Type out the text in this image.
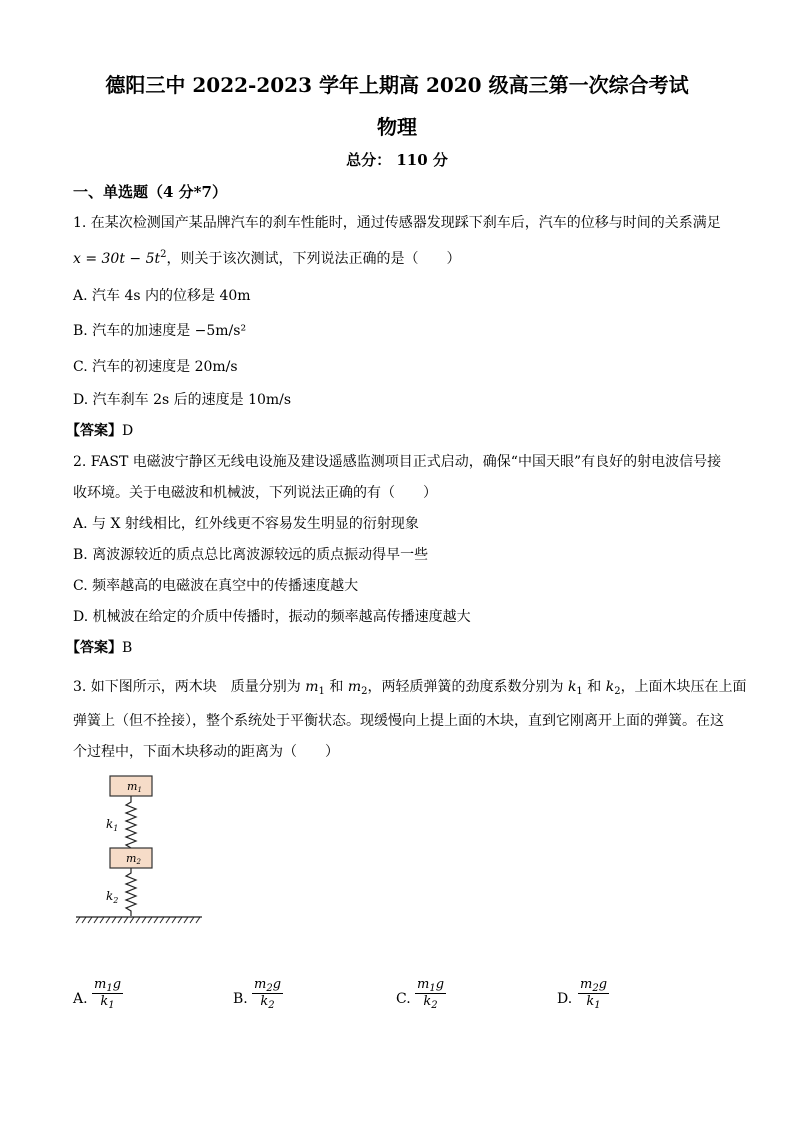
德阳三中 2022-2023 学年上期高 2020 级高三第一次综合考试
物理
总分： 110 分
一、单选题（4 分*7）
1. 在某次检测国产某品牌汽车的刹车性能时，通过传感器发现踩下刹车后，汽车的位移与时间的关系满足
$x = 30t - 5t^2$，则关于该次测试，下列说法正确的是（　　）
A. 汽车 4s 内的位移是 40m
B. 汽车的加速度是 −5m/s²
C. 汽车的初速度是 20m/s
D. 汽车刹车 2s 后的速度是 10m/s
【答案】D
2. FAST 电磁波宁静区无线电设施及建设遥感监测项目正式启动，确保“中国天眼”有良好的射电波信号接
收环境。关于电磁波和机械波，下列说法正确的有（　　）
A. 与 X 射线相比，红外线更不容易发生明显的衍射现象
B. 离波源较近的质点总比离波源较远的质点振动得早一些
C. 频率越高的电磁波在真空中的传播速度越大
D. 机械波在给定的介质中传播时，振动的频率越高传播速度越大
【答案】B
3. 如下图所示，两木块　质量分别为 $m_1$ 和 $m_2$，两轻质弹簧的劲度系数分别为 $k_1$ 和 $k_2$，上面木块压在上面
弹簧上（但不拴接），整个系统处于平衡状态。现缓慢向上提上面的木块，直到它刚离开上面的弹簧。在这
个过程中，下面木块移动的距离为（　　）
m1
$k_1$
m2
$k_2$
A. $\frac{m_1g}{k_1}$	B. $\frac{m_2g}{k_2}$	C. $\frac{m_1g}{k_2}$	D. $\frac{m_2g}{k_1}$
